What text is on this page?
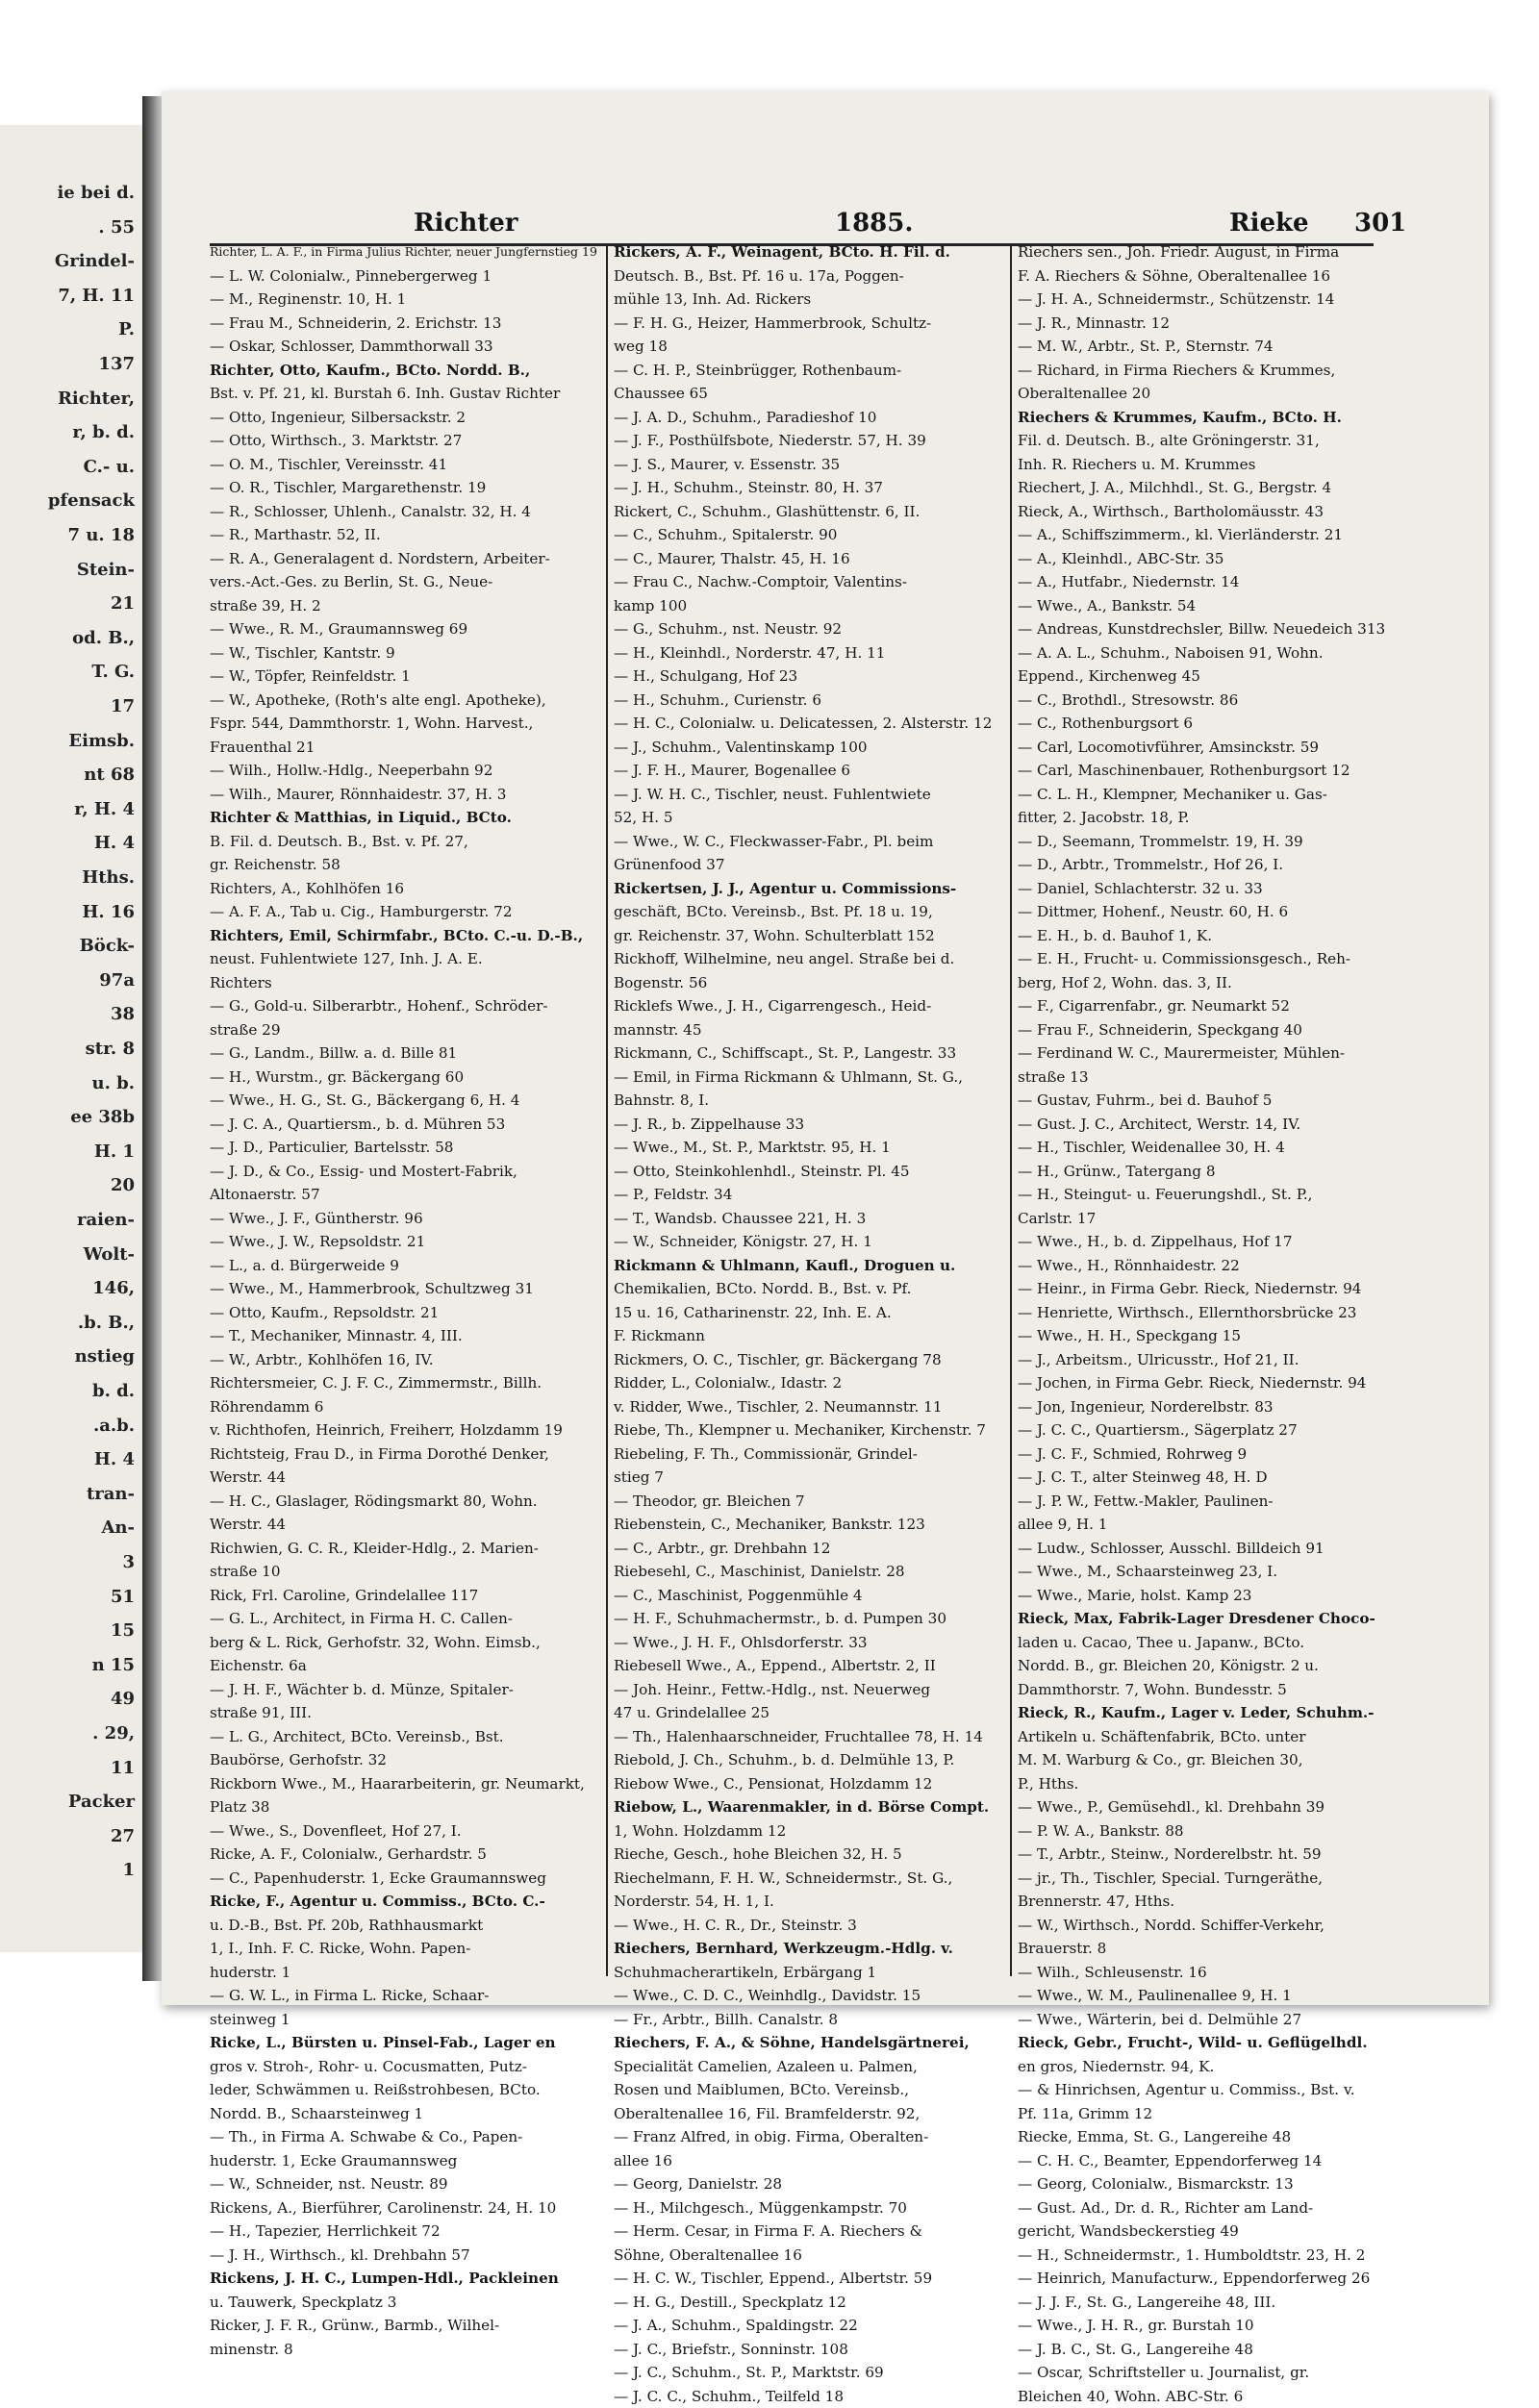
ie bei d.
. 55
Grindel-
7, H. 11
P.
137
Richter,
r, b. d.
C.- u.
pfensack
7 u. 18
Stein-
21
od. B.,
T. G.
17
Eimsb.
nt 68
r, H. 4
H. 4
Hths.
H. 16
Böck-
97a
38
str. 8
u. b.
ee 38b
H. 1
20
raien-
Wolt-
146,
.b. B.,
nstieg
b. d.
.a.b.
H. 4
tran-
An-
3
51
15
n 15
49
. 29,
11
Packer
27
1
Richter	1885.	Rieke 301
Richter, L. A. F., in Firma Julius Richter, neuer Jungfernstieg 19
— L. W. Colonialw., Pinnebergerweg 1
— M., Reginenstr. 10, H. 1
— Frau M., Schneiderin, 2. Erichstr. 13
— Oskar, Schlosser, Dammthorwall 33
Richter, Otto, Kaufm., BCto. Nordd. B.,
Bst. v. Pf. 21, kl. Burstah 6. Inh. Gustav Richter
— Otto, Ingenieur, Silbersackstr. 2
— Otto, Wirthsch., 3. Marktstr. 27
— O. M., Tischler, Vereinsstr. 41
— O. R., Tischler, Margarethenstr. 19
— R., Schlosser, Uhlenh., Canalstr. 32, H. 4
— R., Marthastr. 52, II.
— R. A., Generalagent d. Nordstern, Arbeiter-
vers.-Act.-Ges. zu Berlin, St. G., Neue-
straße 39, H. 2
— Wwe., R. M., Graumannsweg 69
— W., Tischler, Kantstr. 9
— W., Töpfer, Reinfeldstr. 1
— W., Apotheke, (Roth's alte engl. Apotheke),
Fspr. 544, Dammthorstr. 1, Wohn. Harvest.,
Frauenthal 21
— Wilh., Hollw.-Hdlg., Neeperbahn 92
— Wilh., Maurer, Rönnhaidestr. 37, H. 3
Richter & Matthias, in Liquid., BCto.
B. Fil. d. Deutsch. B., Bst. v. Pf. 27,
gr. Reichenstr. 58
Richters, A., Kohlhöfen 16
— A. F. A., Tab u. Cig., Hamburgerstr. 72
Richters, Emil, Schirmfabr., BCto. C.-u. D.-B.,
neust. Fuhlentwiete 127, Inh. J. A. E.
Richters
— G., Gold-u. Silberarbtr., Hohenf., Schröder-
straße 29
— G., Landm., Billw. a. d. Bille 81
— H., Wurstm., gr. Bäckergang 60
— Wwe., H. G., St. G., Bäckergang 6, H. 4
— J. C. A., Quartiersm., b. d. Mühren 53
— J. D., Particulier, Bartelsstr. 58
— J. D., & Co., Essig- und Mostert-Fabrik,
Altonaerstr. 57
— Wwe., J. F., Güntherstr. 96
— Wwe., J. W., Repsoldstr. 21
— L., a. d. Bürgerweide 9
— Wwe., M., Hammerbrook, Schultzweg 31
— Otto, Kaufm., Repsoldstr. 21
— T., Mechaniker, Minnastr. 4, III.
— W., Arbtr., Kohlhöfen 16, IV.
Richtersmeier, C. J. F. C., Zimmermstr., Billh.
Röhrendamm 6
v. Richthofen, Heinrich, Freiherr, Holzdamm 19
Richtsteig, Frau D., in Firma Dorothé Denker,
Werstr. 44
— H. C., Glaslager, Rödingsmarkt 80, Wohn.
Werstr. 44
Richwien, G. C. R., Kleider-Hdlg., 2. Marien-
straße 10
Rick, Frl. Caroline, Grindelallee 117
— G. L., Architect, in Firma H. C. Callen-
berg & L. Rick, Gerhofstr. 32, Wohn. Eimsb.,
Eichenstr. 6a
— J. H. F., Wächter b. d. Münze, Spitaler-
straße 91, III.
— L. G., Architect, BCto. Vereinsb., Bst.
Baubörse, Gerhofstr. 32
Rickborn Wwe., M., Haararbeiterin, gr. Neumarkt,
Platz 38
— Wwe., S., Dovenfleet, Hof 27, I.
Ricke, A. F., Colonialw., Gerhardstr. 5
— C., Papenhuderstr. 1, Ecke Graumannsweg
Ricke, F., Agentur u. Commiss., BCto. C.-
u. D.-B., Bst. Pf. 20b, Rathhausmarkt
1, I., Inh. F. C. Ricke, Wohn. Papen-
huderstr. 1
— G. W. L., in Firma L. Ricke, Schaar-
steinweg 1
Ricke, L., Bürsten u. Pinsel-Fab., Lager en
gros v. Stroh-, Rohr- u. Cocusmatten, Putz-
leder, Schwämmen u. Reißstrohbesen, BCto.
Nordd. B., Schaarsteinweg 1
— Th., in Firma A. Schwabe & Co., Papen-
huderstr. 1, Ecke Graumannsweg
— W., Schneider, nst. Neustr. 89
Rickens, A., Bierführer, Carolinenstr. 24, H. 10
— H., Tapezier, Herrlichkeit 72
— J. H., Wirthsch., kl. Drehbahn 57
Rickens, J. H. C., Lumpen-Hdl., Packleinen
u. Tauwerk, Speckplatz 3
Ricker, J. F. R., Grünw., Barmb., Wilhel-
minenstr. 8
Rickers, A. F., Weinagent, BCto. H. Fil. d.
Deutsch. B., Bst. Pf. 16 u. 17a, Poggen-
mühle 13, Inh. Ad. Rickers
— F. H. G., Heizer, Hammerbrook, Schultz-
weg 18
— C. H. P., Steinbrügger, Rothenbaum-
Chaussee 65
— J. A. D., Schuhm., Paradieshof 10
— J. F., Posthülfsbote, Niederstr. 57, H. 39
— J. S., Maurer, v. Essenstr. 35
— J. H., Schuhm., Steinstr. 80, H. 37
Rickert, C., Schuhm., Glashüttenstr. 6, II.
— C., Schuhm., Spitalerstr. 90
— C., Maurer, Thalstr. 45, H. 16
— Frau C., Nachw.-Comptoir, Valentins-
kamp 100
— G., Schuhm., nst. Neustr. 92
— H., Kleinhdl., Norderstr. 47, H. 11
— H., Schulgang, Hof 23
— H., Schuhm., Curienstr. 6
— H. C., Colonialw. u. Delicatessen, 2. Alsterstr. 12
— J., Schuhm., Valentinskamp 100
— J. F. H., Maurer, Bogenallee 6
— J. W. H. C., Tischler, neust. Fuhlentwiete
52, H. 5
— Wwe., W. C., Fleckwasser-Fabr., Pl. beim
Grünenfood 37
Rickertsen, J. J., Agentur u. Commissions-
geschäft, BCto. Vereinsb., Bst. Pf. 18 u. 19,
gr. Reichenstr. 37, Wohn. Schulterblatt 152
Rickhoff, Wilhelmine, neu angel. Straße bei d.
Bogenstr. 56
Ricklefs Wwe., J. H., Cigarrengesch., Heid-
mannstr. 45
Rickmann, C., Schiffscapt., St. P., Langestr. 33
— Emil, in Firma Rickmann & Uhlmann, St. G.,
Bahnstr. 8, I.
— J. R., b. Zippelhause 33
— Wwe., M., St. P., Marktstr. 95, H. 1
— Otto, Steinkohlenhdl., Steinstr. Pl. 45
— P., Feldstr. 34
— T., Wandsb. Chaussee 221, H. 3
— W., Schneider, Königstr. 27, H. 1
Rickmann & Uhlmann, Kaufl., Droguen u.
Chemikalien, BCto. Nordd. B., Bst. v. Pf.
15 u. 16, Catharinenstr. 22, Inh. E. A.
F. Rickmann
Rickmers, O. C., Tischler, gr. Bäckergang 78
Ridder, L., Colonialw., Idastr. 2
v. Ridder, Wwe., Tischler, 2. Neumannstr. 11
Riebe, Th., Klempner u. Mechaniker, Kirchenstr. 7
Riebeling, F. Th., Commissionär, Grindel-
stieg 7
— Theodor, gr. Bleichen 7
Riebenstein, C., Mechaniker, Bankstr. 123
— C., Arbtr., gr. Drehbahn 12
Riebesehl, C., Maschinist, Danielstr. 28
— C., Maschinist, Poggenmühle 4
— H. F., Schuhmachermstr., b. d. Pumpen 30
— Wwe., J. H. F., Ohlsdorferstr. 33
Riebesell Wwe., A., Eppend., Albertstr. 2, II
— Joh. Heinr., Fettw.-Hdlg., nst. Neuerweg
47 u. Grindelallee 25
— Th., Halenhaarschneider, Fruchtallee 78, H. 14
Riebold, J. Ch., Schuhm., b. d. Delmühle 13, P.
Riebow Wwe., C., Pensionat, Holzdamm 12
Riebow, L., Waarenmakler, in d. Börse Compt.
1, Wohn. Holzdamm 12
Rieche, Gesch., hohe Bleichen 32, H. 5
Riechelmann, F. H. W., Schneidermstr., St. G.,
Norderstr. 54, H. 1, I.
— Wwe., H. C. R., Dr., Steinstr. 3
Riechers, Bernhard, Werkzeugm.-Hdlg. v.
Schuhmacherartikeln, Erbärgang 1
— Wwe., C. D. C., Weinhdlg., Davidstr. 15
— Fr., Arbtr., Billh. Canalstr. 8
Riechers, F. A., & Söhne, Handelsgärtnerei,
Specialität Camelien, Azaleen u. Palmen,
Rosen und Maiblumen, BCto. Vereinsb.,
Oberaltenallee 16, Fil. Bramfelderstr. 92,
— Franz Alfred, in obig. Firma, Oberalten-
allee 16
— Georg, Danielstr. 28
— H., Milchgesch., Müggenkampstr. 70
— Herm. Cesar, in Firma F. A. Riechers &
Söhne, Oberaltenallee 16
— H. C. W., Tischler, Eppend., Albertstr. 59
— H. G., Destill., Speckplatz 12
— J. A., Schuhm., Spaldingstr. 22
— J. C., Briefstr., Sonninstr. 108
— J. C., Schuhm., St. P., Marktstr. 69
— J. C. C., Schuhm., Teilfeld 18
Riechers sen., Joh. Friedr. August, in Firma
F. A. Riechers & Söhne, Oberaltenallee 16
— J. H. A., Schneidermstr., Schützenstr. 14
— J. R., Minnastr. 12
— M. W., Arbtr., St. P., Sternstr. 74
— Richard, in Firma Riechers & Krummes,
Oberaltenallee 20
Riechers & Krummes, Kaufm., BCto. H.
Fil. d. Deutsch. B., alte Gröningerstr. 31,
Inh. R. Riechers u. M. Krummes
Riechert, J. A., Milchhdl., St. G., Bergstr. 4
Rieck, A., Wirthsch., Bartholomäusstr. 43
— A., Schiffszimmerm., kl. Vierländerstr. 21
— A., Kleinhdl., ABC-Str. 35
— A., Hutfabr., Niedernstr. 14
— Wwe., A., Bankstr. 54
— Andreas, Kunstdrechsler, Billw. Neuedeich 313
— A. A. L., Schuhm., Naboisen 91, Wohn.
Eppend., Kirchenweg 45
— C., Brothdl., Stresowstr. 86
— C., Rothenburgsort 6
— Carl, Locomotivführer, Amsinckstr. 59
— Carl, Maschinenbauer, Rothenburgsort 12
— C. L. H., Klempner, Mechaniker u. Gas-
fitter, 2. Jacobstr. 18, P.
— D., Seemann, Trommelstr. 19, H. 39
— D., Arbtr., Trommelstr., Hof 26, I.
— Daniel, Schlachterstr. 32 u. 33
— Dittmer, Hohenf., Neustr. 60, H. 6
— E. H., b. d. Bauhof 1, K.
— E. H., Frucht- u. Commissionsgesch., Reh-
berg, Hof 2, Wohn. das. 3, II.
— F., Cigarrenfabr., gr. Neumarkt 52
— Frau F., Schneiderin, Speckgang 40
— Ferdinand W. C., Maurermeister, Mühlen-
straße 13
— Gustav, Fuhrm., bei d. Bauhof 5
— Gust. J. C., Architect, Werstr. 14, IV.
— H., Tischler, Weidenallee 30, H. 4
— H., Grünw., Tatergang 8
— H., Steingut- u. Feuerungshdl., St. P.,
Carlstr. 17
— Wwe., H., b. d. Zippelhaus, Hof 17
— Wwe., H., Rönnhaidestr. 22
— Heinr., in Firma Gebr. Rieck, Niedernstr. 94
— Henriette, Wirthsch., Ellernthorsbrücke 23
— Wwe., H. H., Speckgang 15
— J., Arbeitsm., Ulricusstr., Hof 21, II.
— Jochen, in Firma Gebr. Rieck, Niedernstr. 94
— Jon, Ingenieur, Norderelbstr. 83
— J. C. C., Quartiersm., Sägerplatz 27
— J. C. F., Schmied, Rohrweg 9
— J. C. T., alter Steinweg 48, H. D
— J. P. W., Fettw.-Makler, Paulinen-
allee 9, H. 1
— Ludw., Schlosser, Ausschl. Billdeich 91
— Wwe., M., Schaarsteinweg 23, I.
— Wwe., Marie, holst. Kamp 23
Rieck, Max, Fabrik-Lager Dresdener Choco-
laden u. Cacao, Thee u. Japanw., BCto.
Nordd. B., gr. Bleichen 20, Königstr. 2 u.
Dammthorstr. 7, Wohn. Bundesstr. 5
Rieck, R., Kaufm., Lager v. Leder, Schuhm.-
Artikeln u. Schäftenfabrik, BCto. unter
M. M. Warburg & Co., gr. Bleichen 30,
P., Hths.
— Wwe., P., Gemüsehdl., kl. Drehbahn 39
— P. W. A., Bankstr. 88
— T., Arbtr., Steinw., Norderelbstr. ht. 59
— jr., Th., Tischler, Special. Turngeräthe,
Brennerstr. 47, Hths.
— W., Wirthsch., Nordd. Schiffer-Verkehr,
Brauerstr. 8
— Wilh., Schleusenstr. 16
— Wwe., W. M., Paulinenallee 9, H. 1
— Wwe., Wärterin, bei d. Delmühle 27
Rieck, Gebr., Frucht-, Wild- u. Geflügelhdl.
en gros, Niedernstr. 94, K.
— & Hinrichsen, Agentur u. Commiss., Bst. v.
Pf. 11a, Grimm 12
Riecke, Emma, St. G., Langereihe 48
— C. H. C., Beamter, Eppendorferweg 14
— Georg, Colonialw., Bismarckstr. 13
— Gust. Ad., Dr. d. R., Richter am Land-
gericht, Wandsbeckerstieg 49
— H., Schneidermstr., 1. Humboldtstr. 23, H. 2
— Heinrich, Manufacturw., Eppendorferweg 26
— J. J. F., St. G., Langereihe 48, III.
— Wwe., J. H. R., gr. Burstah 10
— J. B. C., St. G., Langereihe 48
— Oscar, Schriftsteller u. Journalist, gr.
Bleichen 40, Wohn. ABC-Str. 6
